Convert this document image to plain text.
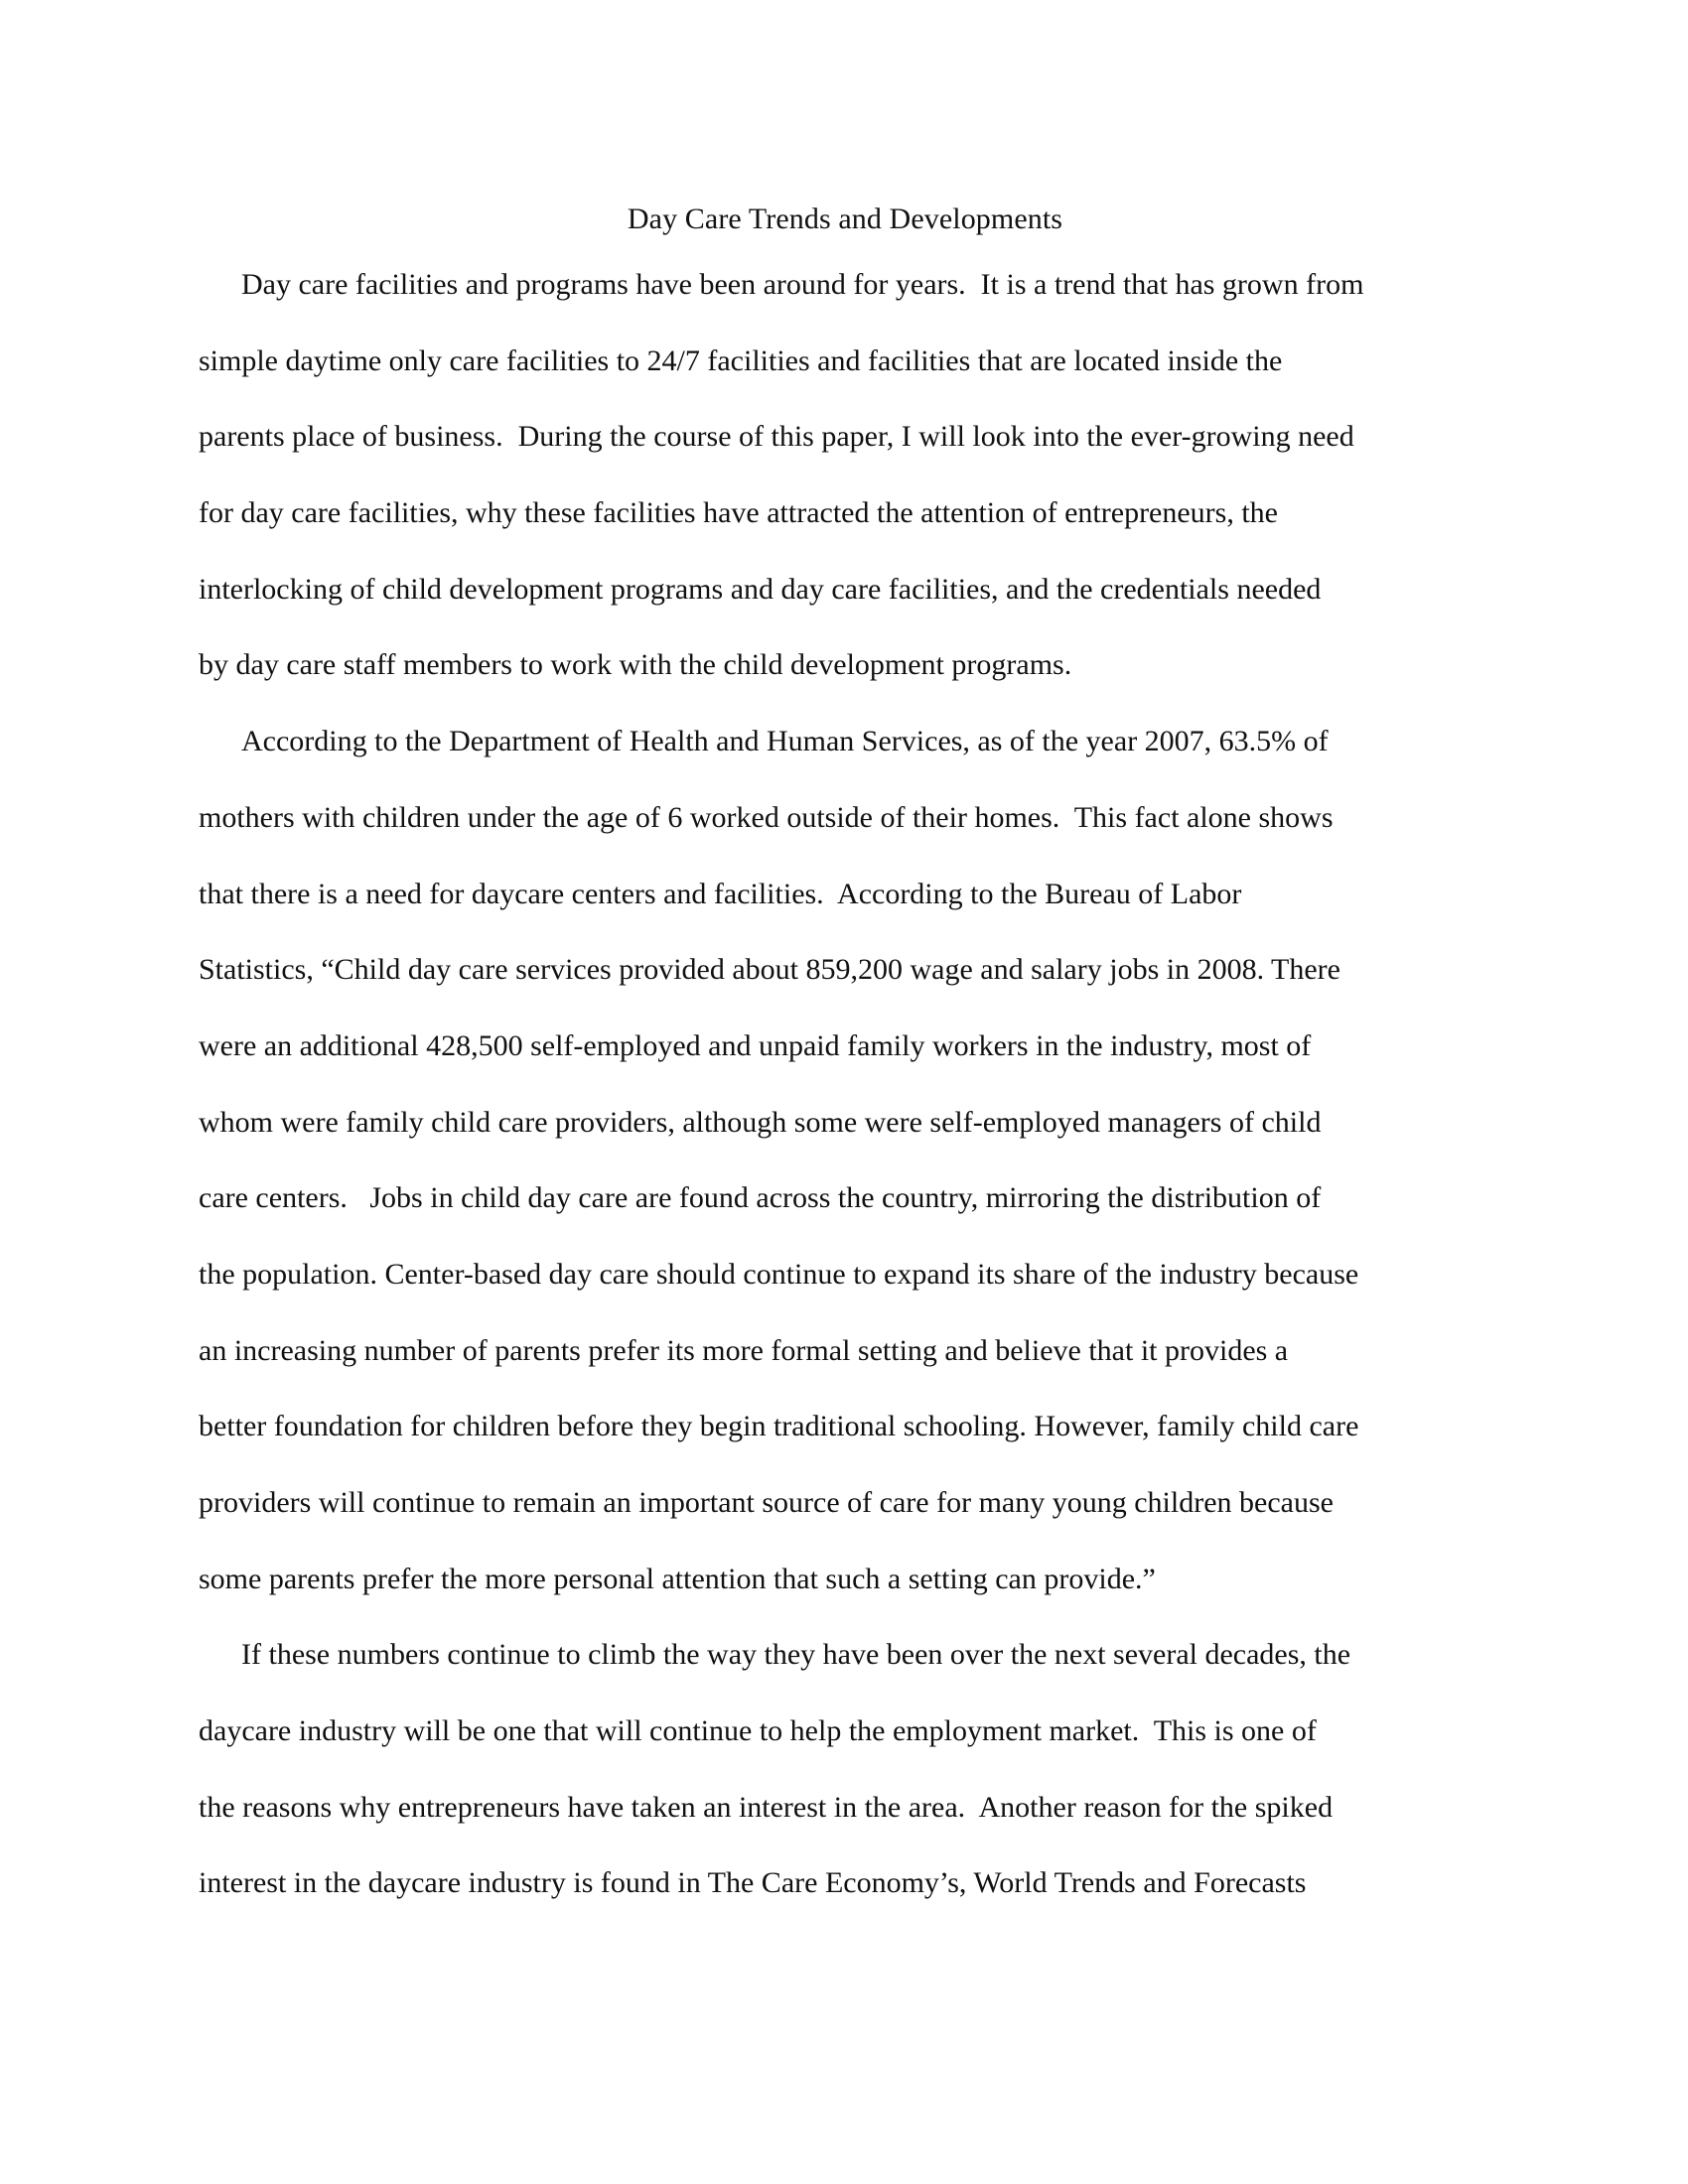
Day Care Trends and Developments
Day care facilities and programs have been around for years.  It is a trend that has grown from
simple daytime only care facilities to 24/7 facilities and facilities that are located inside the
parents place of business.  During the course of this paper, I will look into the ever-growing need
for day care facilities, why these facilities have attracted the attention of entrepreneurs, the
interlocking of child development programs and day care facilities, and the credentials needed
by day care staff members to work with the child development programs.
According to the Department of Health and Human Services, as of the year 2007, 63.5% of
mothers with children under the age of 6 worked outside of their homes.  This fact alone shows
that there is a need for daycare centers and facilities.  According to the Bureau of Labor
Statistics, “Child day care services provided about 859,200 wage and salary jobs in 2008. There
were an additional 428,500 self-employed and unpaid family workers in the industry, most of
whom were family child care providers, although some were self-employed managers of child
care centers.   Jobs in child day care are found across the country, mirroring the distribution of
the population. Center-based day care should continue to expand its share of the industry because
an increasing number of parents prefer its more formal setting and believe that it provides a
better foundation for children before they begin traditional schooling. However, family child care
providers will continue to remain an important source of care for many young children because
some parents prefer the more personal attention that such a setting can provide.”
If these numbers continue to climb the way they have been over the next several decades, the
daycare industry will be one that will continue to help the employment market.  This is one of
the reasons why entrepreneurs have taken an interest in the area.  Another reason for the spiked
interest in the daycare industry is found in The Care Economy’s, World Trends and Forecasts
